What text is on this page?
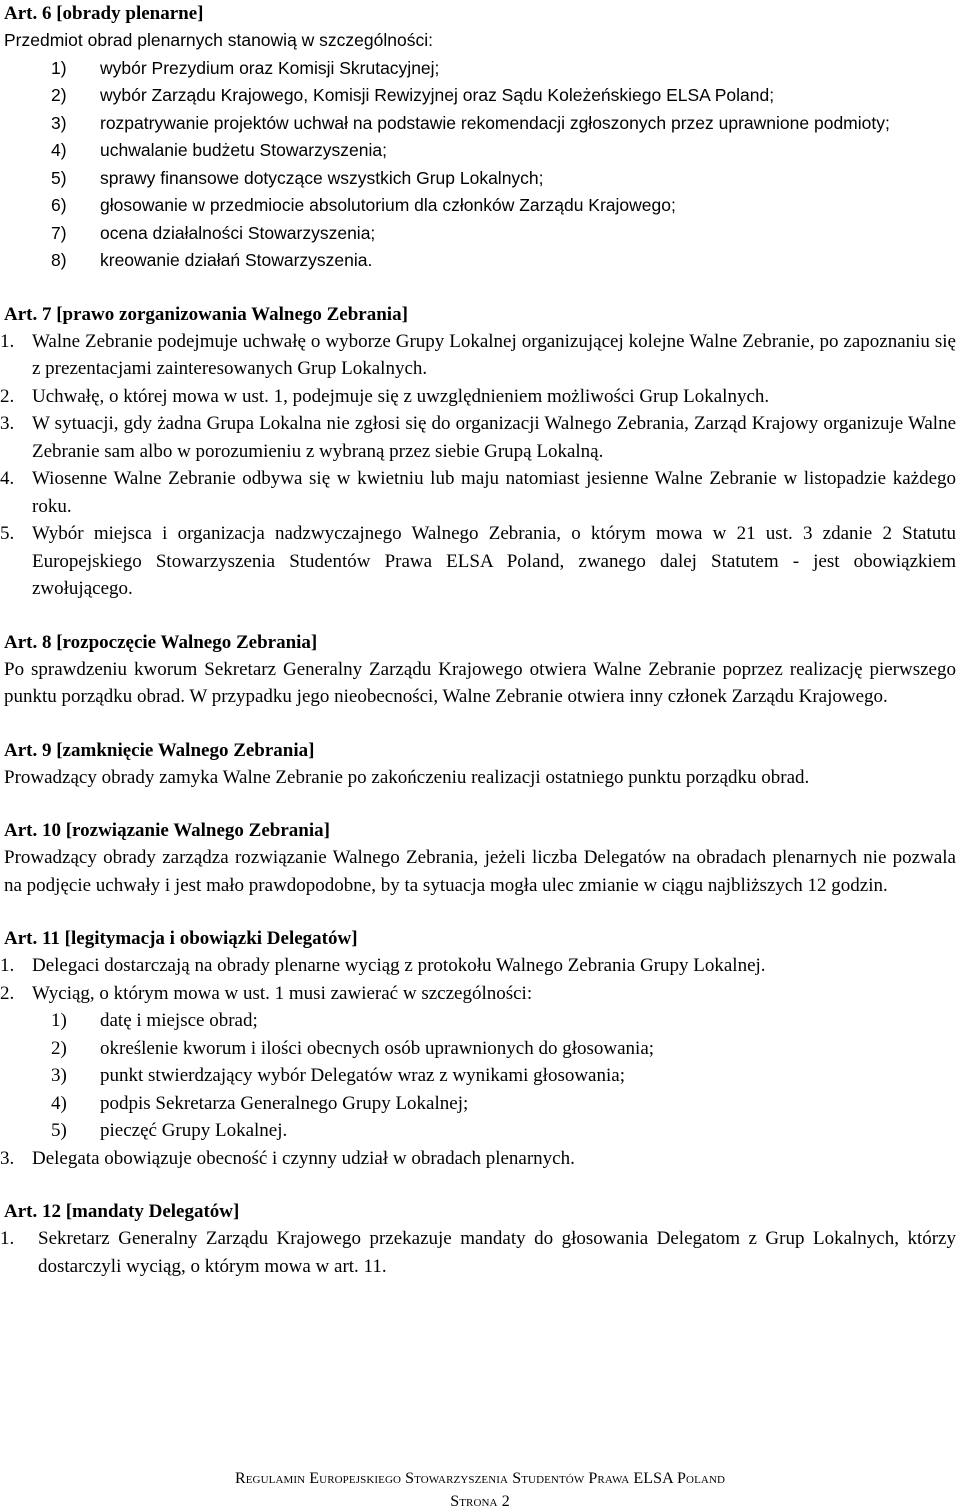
Art. 6 [obrady plenarne]

Przedmiot obrad plenarnych stanowią w szczególności:

1) wybór Prezydium oraz Komisji Skrutacyjnej;
2) wybór Zarządu Krajowego, Komisji Rewizyjnej oraz Sądu Koleżeńskiego ELSA Poland;
3) rozpatrywanie projektów uchwał na podstawie rekomendacji zgłoszonych przez uprawnione podmioty;
4) uchwalanie budżetu Stowarzyszenia;
5) sprawy finansowe dotyczące wszystkich Grup Lokalnych;
6) głosowanie w przedmiocie absolutorium dla członków Zarządu Krajowego;
7) ocena działalności Stowarzyszenia;
8) kreowanie działań Stowarzyszenia.
Art. 7 [prawo zorganizowania Walnego Zebrania]
1. Walne Zebranie podejmuje uchwałę o wyborze Grupy Lokalnej organizującej kolejne Walne Zebranie, po zapoznaniu się z prezentacjami zainteresowanych Grup Lokalnych.
2. Uchwałę, o której mowa w ust. 1, podejmuje się z uwzględnieniem możliwości Grup Lokalnych.
3. W sytuacji, gdy żadna Grupa Lokalna nie zgłosi się do organizacji Walnego Zebrania, Zarząd Krajowy organizuje Walne Zebranie sam albo w porozumieniu z wybraną przez siebie Grupą Lokalną.
4. Wiosenne Walne Zebranie odbywa się w kwietniu lub maju natomiast jesienne Walne Zebranie w listopadzie każdego roku.
5. Wybór miejsca i organizacja nadzwyczajnego Walnego Zebrania, o którym mowa w 21 ust. 3 zdanie 2 Statutu Europejskiego Stowarzyszenia Studentów Prawa ELSA Poland, zwanego dalej Statutem - jest obowiązkiem zwołującego.
Art. 8 [rozpoczęcie Walnego Zebrania]

Po sprawdzeniu kworum Sekretarz Generalny Zarządu Krajowego otwiera Walne Zebranie poprzez realizację pierwszego punktu porządku obrad. W przypadku jego nieobecności, Walne Zebranie otwiera inny członek Zarządu Krajowego.

Art. 9 [zamknięcie Walnego Zebrania]

Prowadzący obrady zamyka Walne Zebranie po zakończeniu realizacji ostatniego punktu porządku obrad.

Art. 10 [rozwiązanie Walnego Zebrania]

Prowadzący obrady zarządza rozwiązanie Walnego Zebrania, jeżeli liczba Delegatów na obradach plenarnych nie pozwala na podjęcie uchwały i jest mało prawdopodobne, by ta sytuacja mogła ulec zmianie w ciągu najbliższych 12 godzin.

Art. 11 [legitymacja i obowiązki Delegatów]
1. Delegaci dostarczają na obrady plenarne wyciąg z protokołu Walnego Zebrania Grupy Lokalnej.
2. Wyciąg, o którym mowa w ust. 1 musi zawierać w szczególności:
1) datę i miejsce obrad;
2) określenie kworum i ilości obecnych osób uprawnionych do głosowania;
3) punkt stwierdzający wybór Delegatów wraz z wynikami głosowania;
4) podpis Sekretarza Generalnego Grupy Lokalnej;
5) pieczęć Grupy Lokalnej.
3. Delegata obowiązuje obecność i czynny udział w obradach plenarnych.
Art. 12 [mandaty Delegatów]
1. Sekretarz Generalny Zarządu Krajowego przekazuje mandaty do głosowania Delegatom z Grup Lokalnych, którzy dostarczyli wyciąg, o którym mowa w art. 11.
Regulamin Europejskiego Stowarzyszenia Studentów Prawa ELSA Poland
Strona 2
